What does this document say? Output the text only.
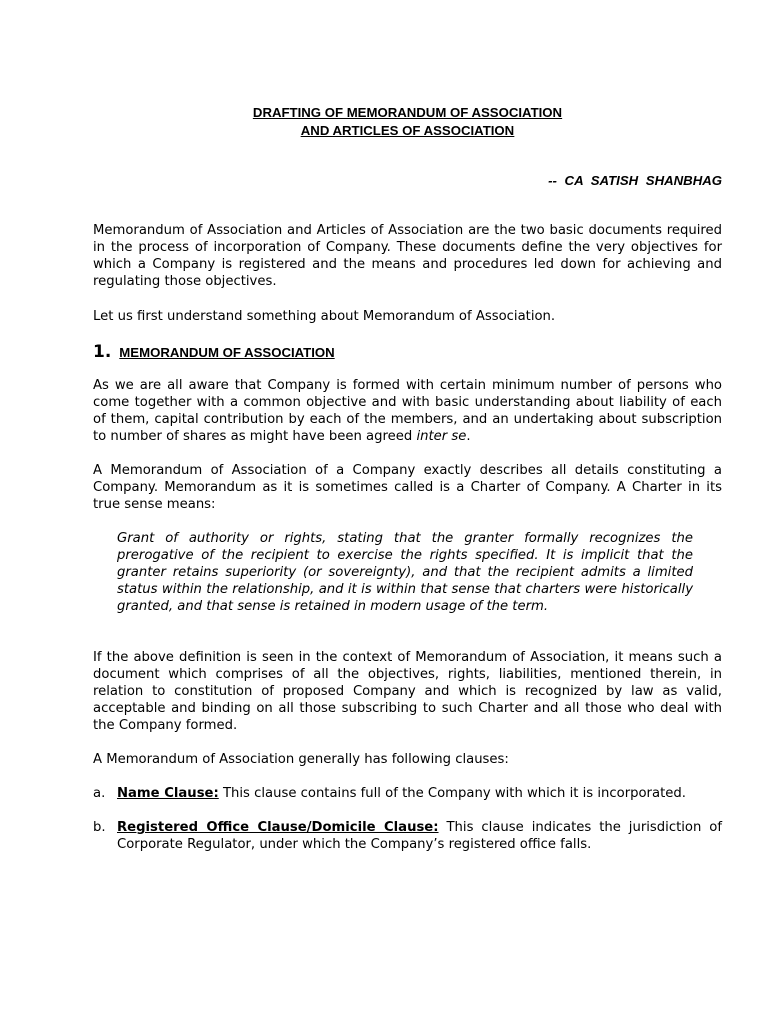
DRAFTING OF MEMORANDUM OF ASSOCIATION
AND ARTICLES OF ASSOCIATION
-- CA SATISH SHANBHAG

Memorandum of Association and Articles of Association are the two basic documents required in the process of incorporation of Company. These documents define the very objectives for which a Company is registered and the means and procedures led down for achieving and regulating those objectives.

Let us first understand something about Memorandum of Association.

1. MEMORANDUM OF ASSOCIATION

As we are all aware that Company is formed with certain minimum number of persons who come together with a common objective and with basic understanding about liability of each of them, capital contribution by each of the members, and an undertaking about subscription to number of shares as might have been agreed inter se.

A Memorandum of Association of a Company exactly describes all details constituting a Company. Memorandum as it is sometimes called is a Charter of Company. A Charter in its true sense means:

Grant of authority or rights, stating that the granter formally recognizes the prerogative of the recipient to exercise the rights specified. It is implicit that the granter retains superiority (or sovereignty), and that the recipient admits a limited status within the relationship, and it is within that sense that charters were historically granted, and that sense is retained in modern usage of the term.

If the above definition is seen in the context of Memorandum of Association, it means such a document which comprises of all the objectives, rights, liabilities, mentioned therein, in relation to constitution of proposed Company and which is recognized by law as valid, acceptable and binding on all those subscribing to such Charter and all those who deal with the Company formed.

A Memorandum of Association generally has following clauses:

a. Name Clause: This clause contains full of the Company with which it is incorporated.
b. Registered Office Clause/Domicile Clause: This clause indicates the jurisdiction of Corporate Regulator, under which the Company’s registered office falls.
